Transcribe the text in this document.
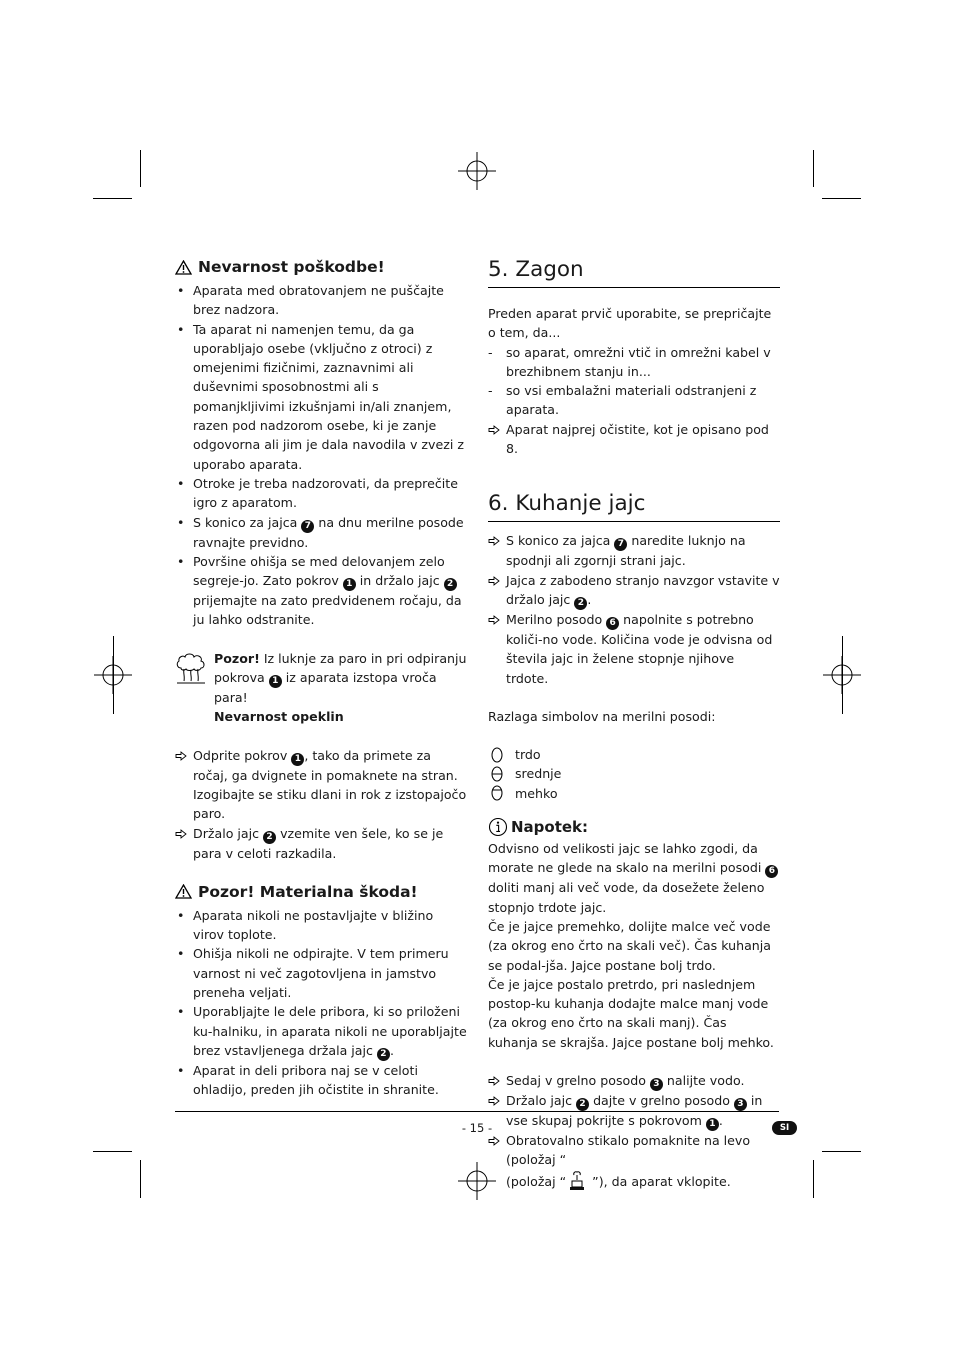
Nevarnost poškodbe!
• Aparata med obratovanjem ne puščajte brez nadzora.
• Ta aparat ni namenjen temu, da ga uporabljajo osebe (vključno z otroci) z omejenimi fizičnimi, zaznavnimi ali duševnimi sposobnostmi ali s pomanjkljivimi izkušnjami in/ali znanjem, razen pod nadzorom osebe, ki je zanje odgovorna ali jim je dala navodila v zvezi z uporabo aparata.
• Otroke je treba nadzorovati, da preprečite igro z aparatom.
• S konico za jajca 7 na dnu merilne posode ravnajte previdno.
• Površine ohišja se med delovanjem zelo segreje-jo. Zato pokrov 1 in držalo jajc 2 prijemajte na zato predvidenem ročaju, da ju lahko odstranite.

Pozor! Iz luknje za paro in pri odpiranju pokrova 1 iz aparata izstopa vroča para!
Nevarnost opeklin

Odprite pokrov 1 , tako da primete za ročaj, ga dvignete in pomaknete na stran. Izogibajte se stiku dlani in rok z izstopajočo paro.
Držalo jajc 2 vzemite ven šele, ko se je para v celoti razkadila.
Pozor! Materialna škoda!
• Aparata nikoli ne postavljajte v bližino virov toplote.
• Ohišja nikoli ne odpirajte. V tem primeru varnost ni več zagotovljena in jamstvo preneha veljati.
• Uporabljajte le dele pribora, ki so priloženi ku-halniku, in aparata nikoli ne uporabljajte brez vstavljenega držala jajc 2 .
• Aparat in deli pribora naj se v celoti ohladijo, preden jih očistite in shranite.
5. Zagon

Preden aparat prvič uporabite, se prepričajte o tem, da...

- so aparat, omrežni vtič in omrežni kabel v brezhibnem stanju in...
- so vsi embalažni materiali odstranjeni z aparata.
Aparat najprej očistite, kot je opisano pod 8.
6. Kuhanje jajc
S konico za jajca 7 naredite luknjo na spodnji ali zgornji strani jajc.
Jajca z zabodeno stranjo navzgor vstavite v držalo jajc 2 .
Merilno posodo 6 napolnite s potrebno količi-no vode. Količina vode je odvisna od števila jajc in želene stopnje njihove trdote.

Razlaga simbolov na merilni posodi:

trdo
srednje
mehko
Napotek:

Odvisno od velikosti jajc se lahko zgodi, da morate ne glede na skalo na merilni posodi 6 doliti manj ali več vode, da dosežete želeno stopnjo trdote jajc.

Če je jajce premehko, dolijte malce več vode (za okrog eno črto na skali več). Čas kuhanja se podal-jša. Jajce postane bolj trdo.

Če je jajce postalo pretrdo, pri naslednjem postop-ku kuhanja dodajte malce manj vode (za okrog eno črto na skali manj). Čas kuhanja se skrajša. Jajce postane bolj mehko.

Sedaj v grelno posodo 3 nalijte vodo.
Držalo jajc 2 dajte v grelno posodo 3 in vse skupaj pokrijte s pokrovom 1 .
Obratovalno stikalo pomaknite na levo (položaj “
(položaj “ ”), da aparat vklopite.
- 15 -	SI
